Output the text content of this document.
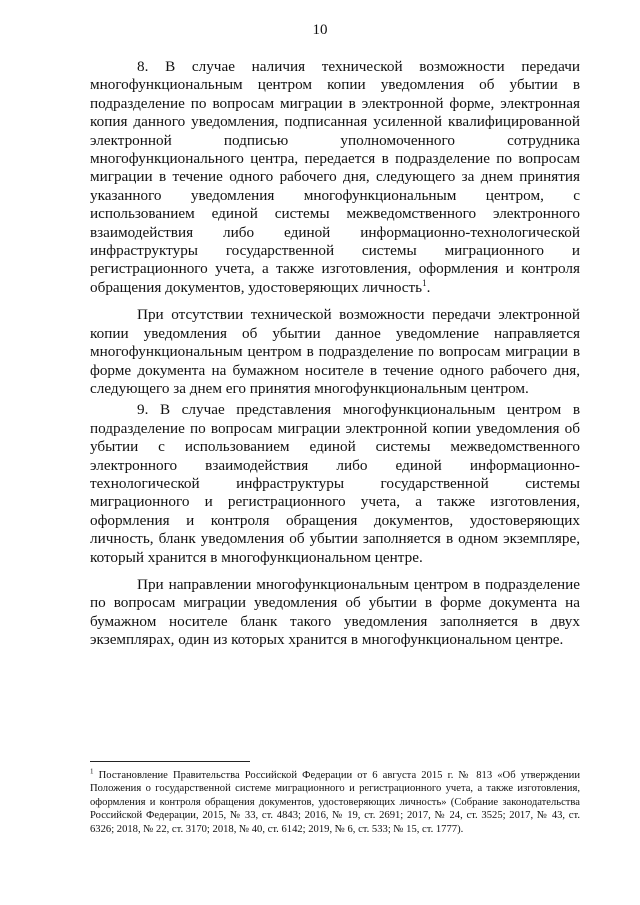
10

8. В случае наличия технической возможности передачи многофункциональным центром копии уведомления об убытии в подразделение по вопросам миграции в электронной форме, электронная копия данного уведомления, подписанная усиленной квалифицированной электронной подписью уполномоченного сотрудника многофункционального центра, передается в подразделение по вопросам миграции в течение одного рабочего дня, следующего за днем принятия указанного уведомления многофункциональным центром, с использованием единой системы межведомственного электронного взаимодействия либо единой информационно-технологической инфраструктуры государственной системы миграционного и регистрационного учета, а также изготовления, оформления и контроля обращения документов, удостоверяющих личность$^1$.

При отсутствии технической возможности передачи электронной копии уведомления об убытии данное уведомление направляется многофункциональным центром в подразделение по вопросам миграции в форме документа на бумажном носителе в течение одного рабочего дня, следующего за днем его принятия многофункциональным центром.

9. В случае представления многофункциональным центром в подразделение по вопросам миграции электронной копии уведомления об убытии с использованием единой системы межведомственного электронного взаимодействия либо единой информационно-технологической инфраструктуры государственной системы миграционного и регистрационного учета, а также изготовления, оформления и контроля обращения документов, удостоверяющих личность, бланк уведомления об убытии заполняется в одном экземпляре, который хранится в многофункциональном центре.

При направлении многофункциональным центром в подразделение по вопросам миграции уведомления об убытии в форме документа на бумажном носителе бланк такого уведомления заполняется в двух экземплярах, один из которых хранится в многофункциональном центре.

$^1$ Постановление Правительства Российской Федерации от 6 августа 2015 г. № 813 «Об утверждении Положения о государственной системе миграционного и регистрационного учета, а также изготовления, оформления и контроля обращения документов, удостоверяющих личность» (Собрание законодательства Российской Федерации, 2015, № 33, ст. 4843; 2016, № 19, ст. 2691; 2017, № 24, ст. 3525; 2017, № 43, ст. 6326; 2018, № 22, ст. 3170; 2018, № 40, ст. 6142; 2019, № 6, ст. 533; № 15, ст. 1777).
